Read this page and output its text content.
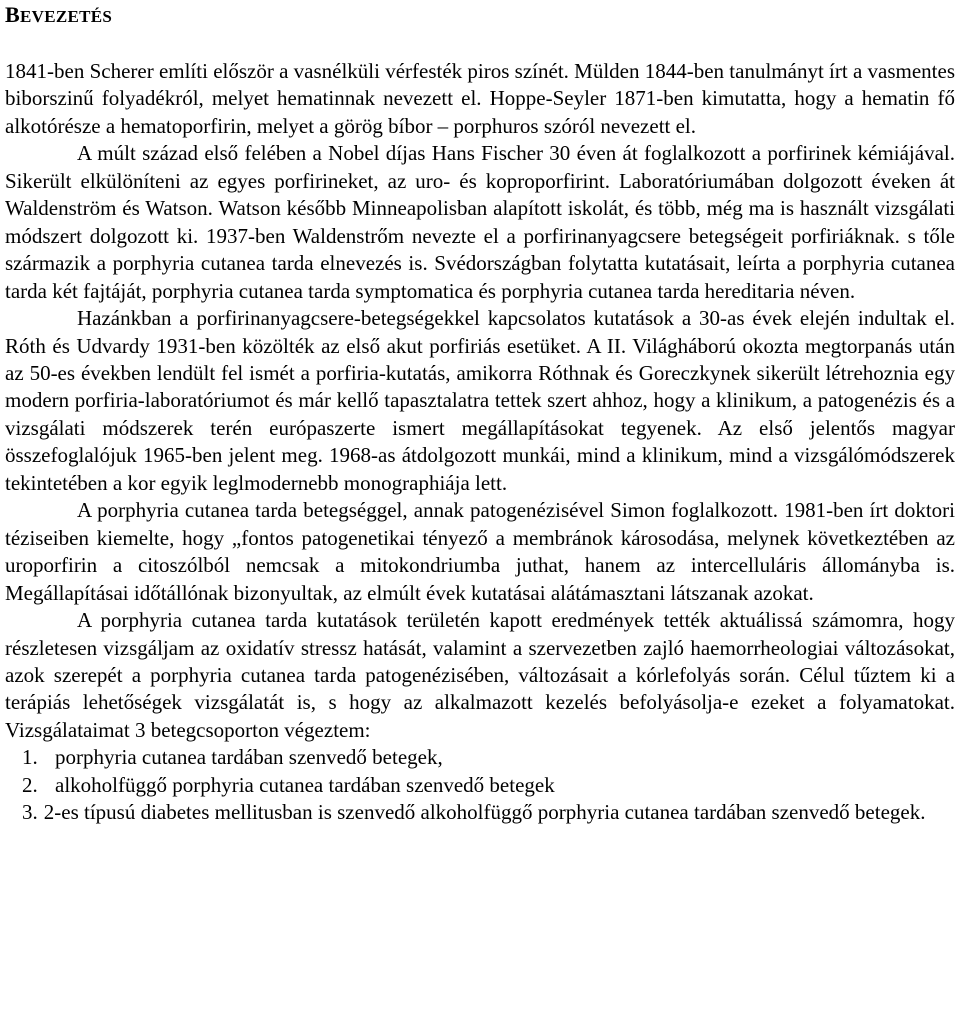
BEVEZETÉS

1841-ben Scherer említi először a vasnélküli vérfesték piros színét. Mülden 1844-ben tanulmányt írt a vasmentes biborszinű folyadékról, melyet hematinnak nevezett el. Hoppe-Seyler 1871-ben kimutatta, hogy a hematin fő alkotórésze a hematoporfirin, melyet a görög bíbor – porphuros szóról nevezett el.

A múlt század első felében a Nobel díjas Hans Fischer 30 éven át foglalkozott a porfirinek kémiájával. Sikerült elkülöníteni az egyes porfirineket, az uro- és koproporfirint. Laboratóriumában dolgozott éveken át Waldenström és Watson. Watson később Minneapolisban alapított iskolát, és több, még ma is használt vizsgálati módszert dolgozott ki. 1937-ben Waldenstrőm nevezte el a porfirinanyagcsere betegségeit porfiriáknak. s tőle származik a porphyria cutanea tarda elnevezés is. Svédországban folytatta kutatásait, leírta a porphyria cutanea tarda két fajtáját, porphyria cutanea tarda symptomatica és porphyria cutanea tarda hereditaria néven.

Hazánkban a porfirinanyagcsere-betegségekkel kapcsolatos kutatások a 30-as évek elején indultak el. Róth és Udvardy 1931-ben közölték az első akut porfiriás esetüket. A II. Világháború okozta megtorpanás után az 50-es években lendült fel ismét a porfiria-kutatás, amikorra Róthnak és Goreczkynek sikerült létrehoznia egy modern porfiria-laboratóriumot és már kellő tapasztalatra tettek szert ahhoz, hogy a klinikum, a patogenézis és a vizsgálati módszerek terén európaszerte ismert megállapításokat tegyenek. Az első jelentős magyar összefoglalójuk 1965-ben jelent meg. 1968-as átdolgozott munkái, mind a klinikum, mind a vizsgálómódszerek tekintetében a kor egyik leglmodernebb monographiája lett.

A porphyria cutanea tarda betegséggel, annak patogenézisével Simon foglalkozott. 1981-ben írt doktori téziseiben kiemelte, hogy „fontos patogenetikai tényező a membránok károsodása, melynek következtében az uroporfirin a citoszólból nemcsak a mitokondriumba juthat, hanem az intercelluláris állományba is. Megállapításai időtállónak bizonyultak, az elmúlt évek kutatásai alátámasztani látszanak azokat.

A porphyria cutanea tarda kutatások területén kapott eredmények tették aktuálissá számomra, hogy részletesen vizsgáljam az oxidatív stressz hatását, valamint a szervezetben zajló haemorrheologiai változásokat, azok szerepét a porphyria cutanea tarda patogenézisében, változásait a kórlefolyás során. Célul tűztem ki a terápiás lehetőségek vizsgálatát is, s hogy az alkalmazott kezelés befolyásolja-e ezeket a folyamatokat. Vizsgálataimat 3 betegcsoporton végeztem:

1. porphyria cutanea tardában szenvedő betegek,
2. alkoholfüggő porphyria cutanea tardában szenvedő betegek
3. 2-es típusú diabetes mellitusban is szenvedő alkoholfüggő porphyria cutanea tardában szenvedő betegek.
